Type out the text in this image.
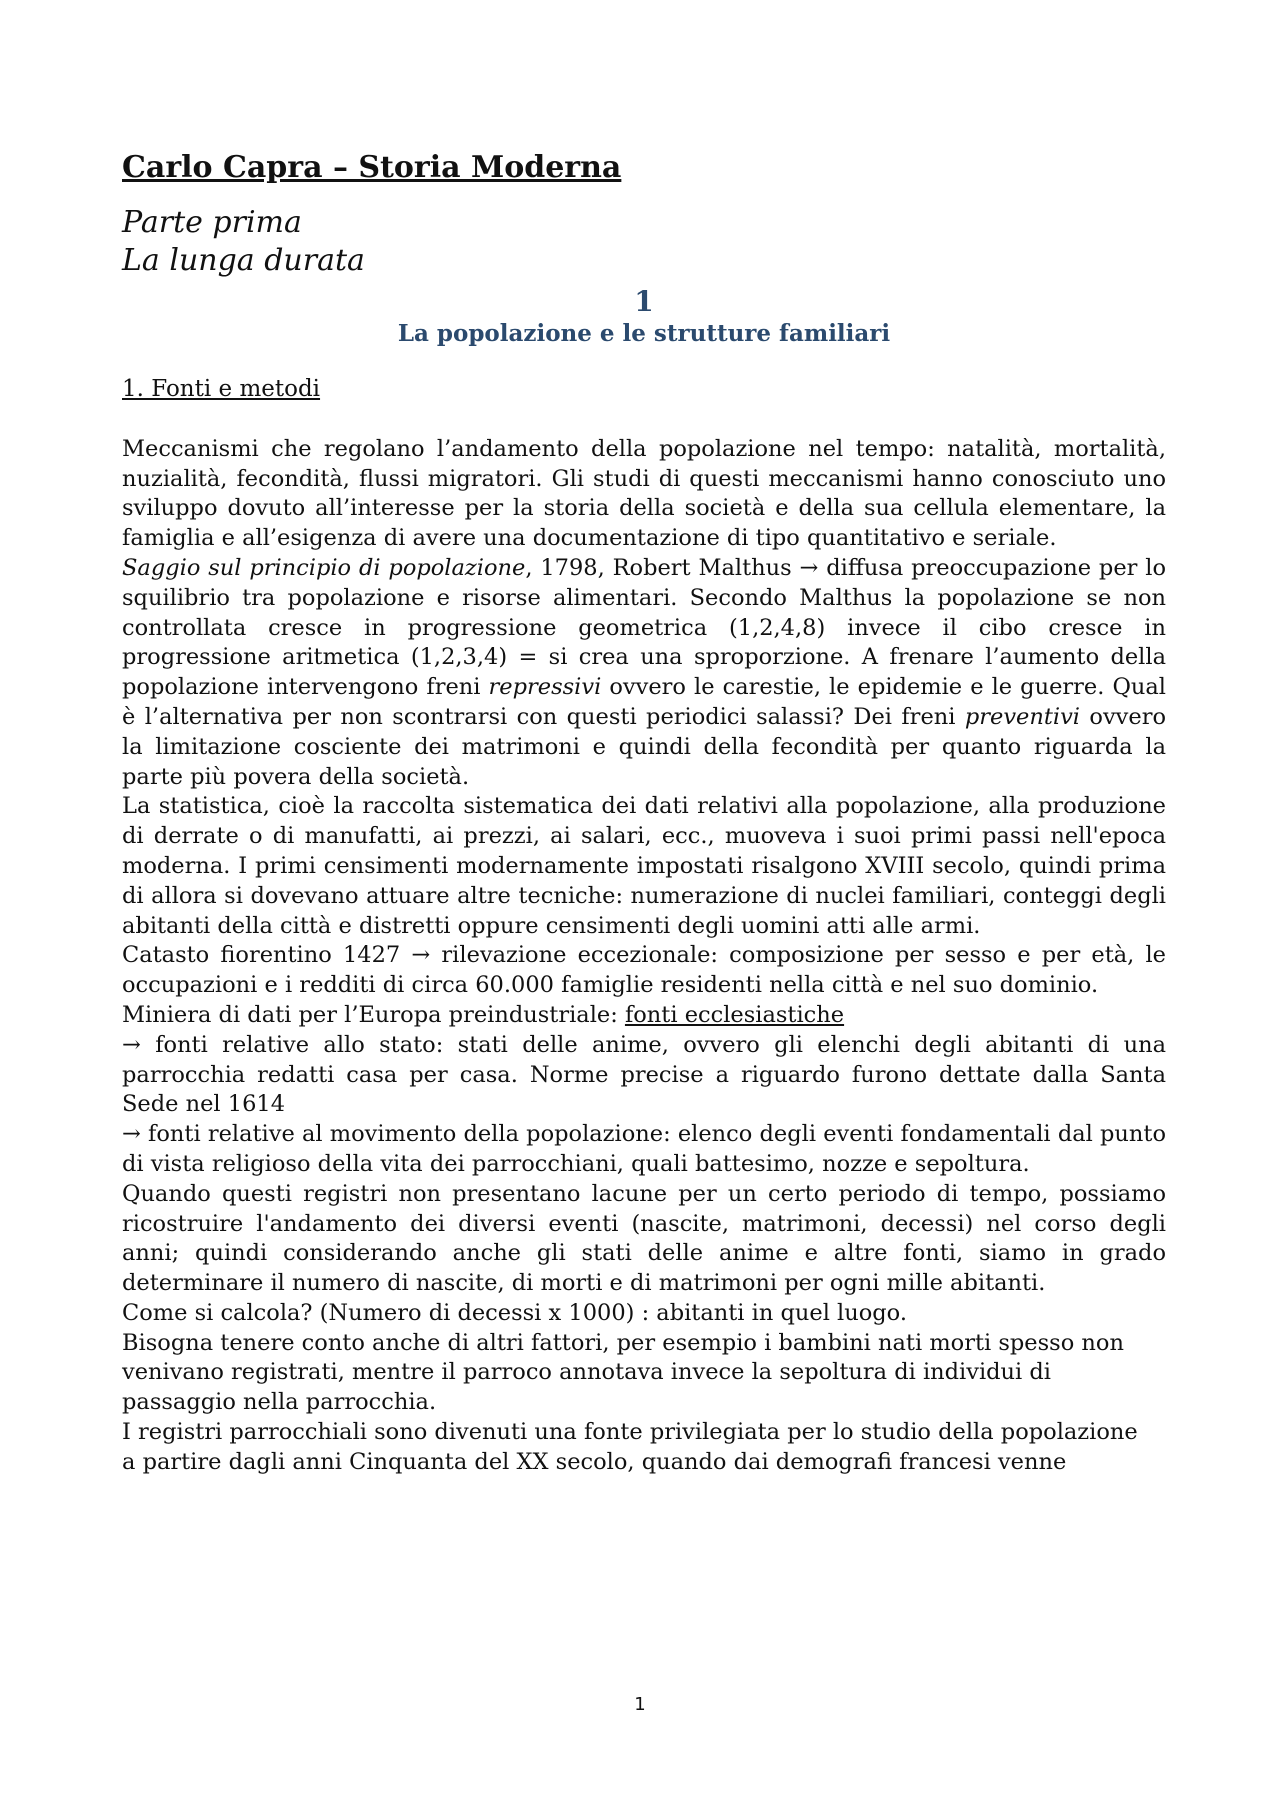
Carlo Capra – Storia Moderna
Parte prima
La lunga durata
1
La popolazione e le strutture familiari
1. Fonti e metodi

Meccanismi che regolano l’andamento della popolazione nel tempo: natalità, mortalità, nuzialità, fecondità, flussi migratori. Gli studi di questi meccanismi hanno conosciuto uno sviluppo dovuto all’interesse per la storia della società e della sua cellula elementare, la famiglia e all’esigenza di avere una documentazione di tipo quantitativo e seriale.

Saggio sul principio di popolazione, 1798, Robert Malthus → diffusa preoccupazione per lo squilibrio tra popolazione e risorse alimentari. Secondo Malthus la popolazione se non controllata cresce in progressione geometrica (1,2,4,8) invece il cibo cresce in progressione aritmetica (1,2,3,4) = si crea una sproporzione. A frenare l’aumento della popolazione intervengono freni repressivi ovvero le carestie, le epidemie e le guerre. Qual è l’alternativa per non scontrarsi con questi periodici salassi? Dei freni preventivi ovvero la limitazione cosciente dei matrimoni e quindi della fecondità per quanto riguarda la parte più povera della società.

La statistica, cioè la raccolta sistematica dei dati relativi alla popolazione, alla produzione di derrate o di manufatti, ai prezzi, ai salari, ecc., muoveva i suoi primi passi nell'epoca moderna. I primi censimenti modernamente impostati risalgono XVIII secolo, quindi prima di allora si dovevano attuare altre tecniche: numerazione di nuclei familiari, conteggi degli abitanti della città e distretti oppure censimenti degli uomini atti alle armi.

Catasto fiorentino 1427 → rilevazione eccezionale: composizione per sesso e per età, le occupazioni e i redditi di circa 60.000 famiglie residenti nella città e nel suo dominio.

Miniera di dati per l’Europa preindustriale: fonti ecclesiastiche

→ fonti relative allo stato: stati delle anime, ovvero gli elenchi degli abitanti di una parrocchia redatti casa per casa. Norme precise a riguardo furono dettate dalla Santa Sede nel 1614

→ fonti relative al movimento della popolazione: elenco degli eventi fondamentali dal punto di vista religioso della vita dei parrocchiani, quali battesimo, nozze e sepoltura.

Quando questi registri non presentano lacune per un certo periodo di tempo, possiamo ricostruire l'andamento dei diversi eventi (nascite, matrimoni, decessi) nel corso degli anni; quindi considerando anche gli stati delle anime e altre fonti, siamo in grado determinare il numero di nascite, di morti e di matrimoni per ogni mille abitanti.

Come si calcola? (Numero di decessi x 1000) : abitanti in quel luogo.

Bisogna tenere conto anche di altri fattori, per esempio i bambini nati morti spesso non

venivano registrati, mentre il parroco annotava invece la sepoltura di individui di passaggio nella parrocchia.

I registri parrocchiali sono divenuti una fonte privilegiata per lo studio della popolazione

a partire dagli anni Cinquanta del XX secolo, quando dai demografi francesi venne

1
